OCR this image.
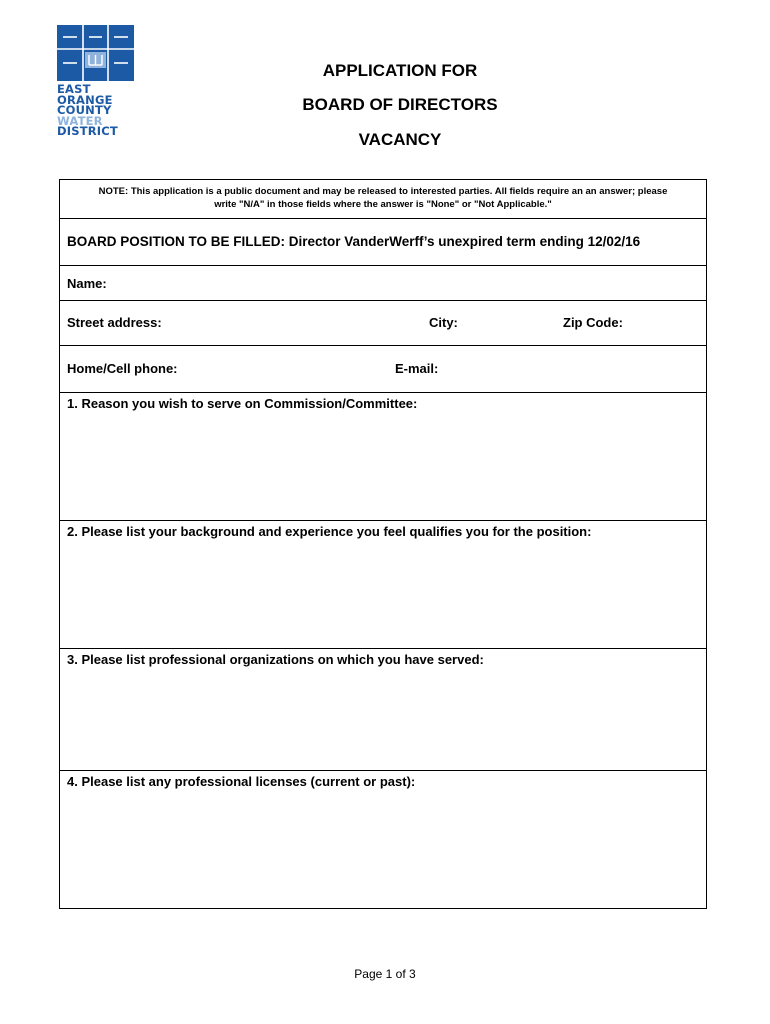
EAST
ORANGE
COUNTY
WATER
DISTRICT
APPLICATION FOR
BOARD OF DIRECTORS
VACANCY
NOTE: This application is a public document and may be released to interested parties. All fields require an an answer; please
write "N/A" in those fields where the answer is "None" or "Not Applicable."
BOARD POSITION TO BE FILLED: Director VanderWerff’s unexpired term ending 12/02/16
Name:
Street address:	City:	Zip Code:
Home/Cell phone:	E-mail:
1. Reason you wish to serve on Commission/Committee:
2. Please list your background and experience you feel qualifies you for the position:
3. Please list professional organizations on which you have served:
4. Please list any professional licenses (current or past):
Page 1 of 3
